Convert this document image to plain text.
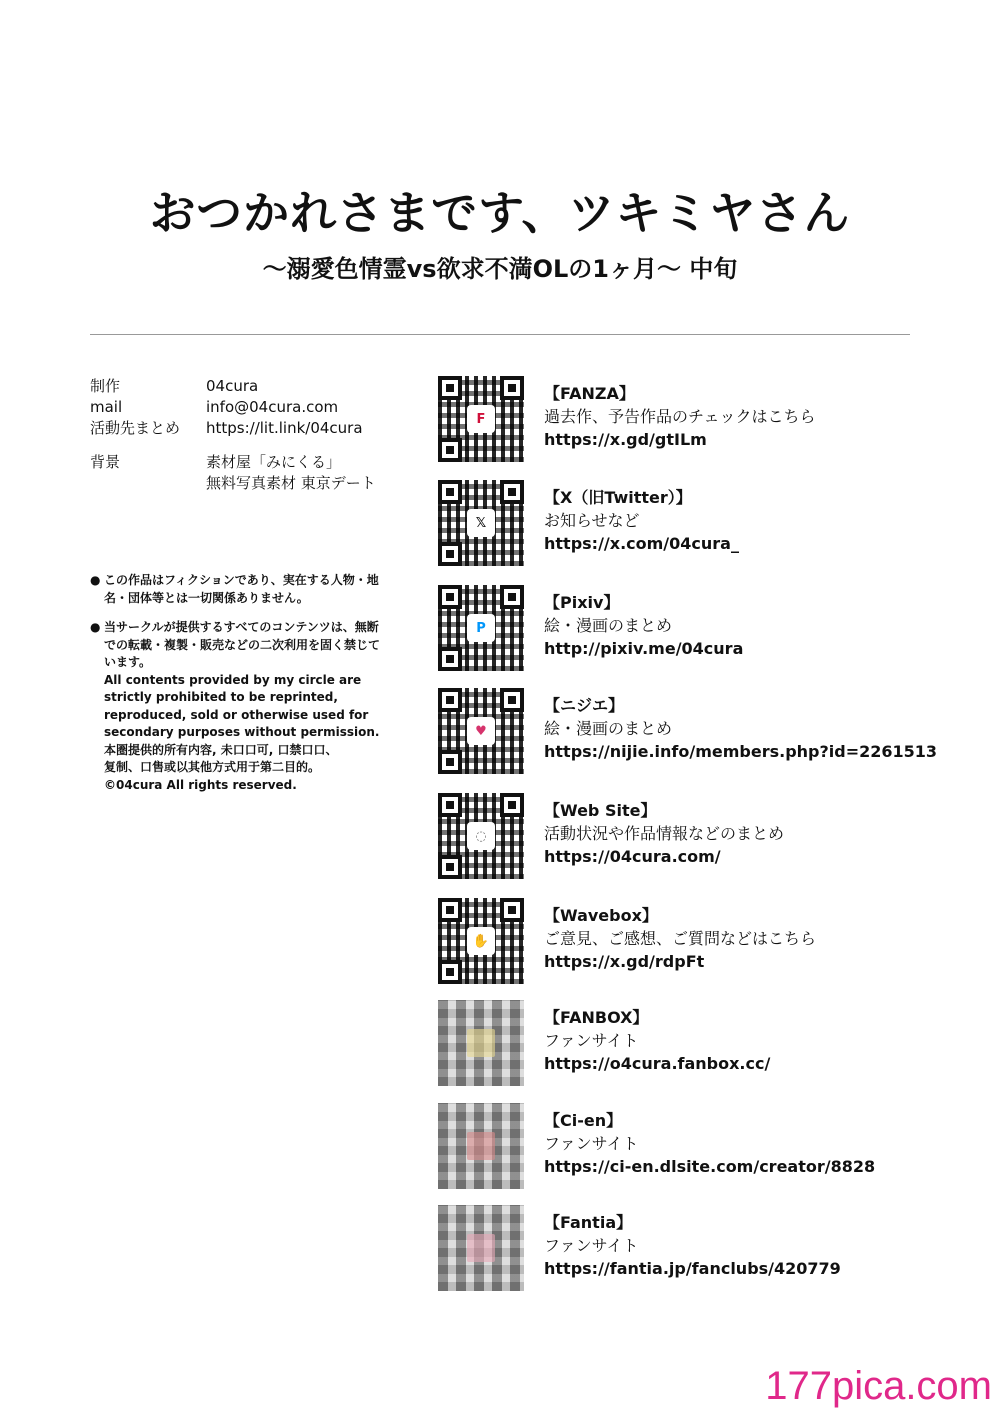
おつかれさまです、ツキミヤさん
〜溺愛色情霊vs欲求不満OLの1ヶ月〜 中旬
制作	04cura
mail	info@04cura.com
活動先まとめ	https://lit.link/04cura
背景	素材屋「みにくる」
無料写真素材 東京デート
● この作品はフィクションであり、実在する人物・地
名・団体等とは一切関係ありません。
● 当サークルが提供するすべてのコンテンツは、無断
での転載・複製・販売などの二次利用を固く禁じて
います。
All contents provided by my circle are
strictly prohibited to be reprinted,
reproduced, sold or otherwise used for
secondary purposes without permission.
本圏提供的所有内容, 未口口可, 口禁口口、
复制、口售或以其他方式用于第二目的。
©04cura All rights reserved.
F
【FANZA】
過去作、予告作品のチェックはこちら
https://x.gd/gtILm
𝕏
【X（旧Twitter）】
お知らせなど
https://x.com/04cura_
P
【Pixiv】
絵・漫画のまとめ
http://pixiv.me/04cura
♥
【ニジエ】
絵・漫画のまとめ
https://nijie.info/members.php?id=2261513
◌
【Web Site】
活動状況や作品情報などのまとめ
https://04cura.com/
✋
【Wavebox】
ご意見、ご感想、ご質問などはこちら
https://x.gd/rdpFt
【FANBOX】
ファンサイト
https://o4cura.fanbox.cc/
【Ci-en】
ファンサイト
https://ci-en.dlsite.com/creator/8828
【Fantia】
ファンサイト
https://fantia.jp/fanclubs/420779
177pica.com
